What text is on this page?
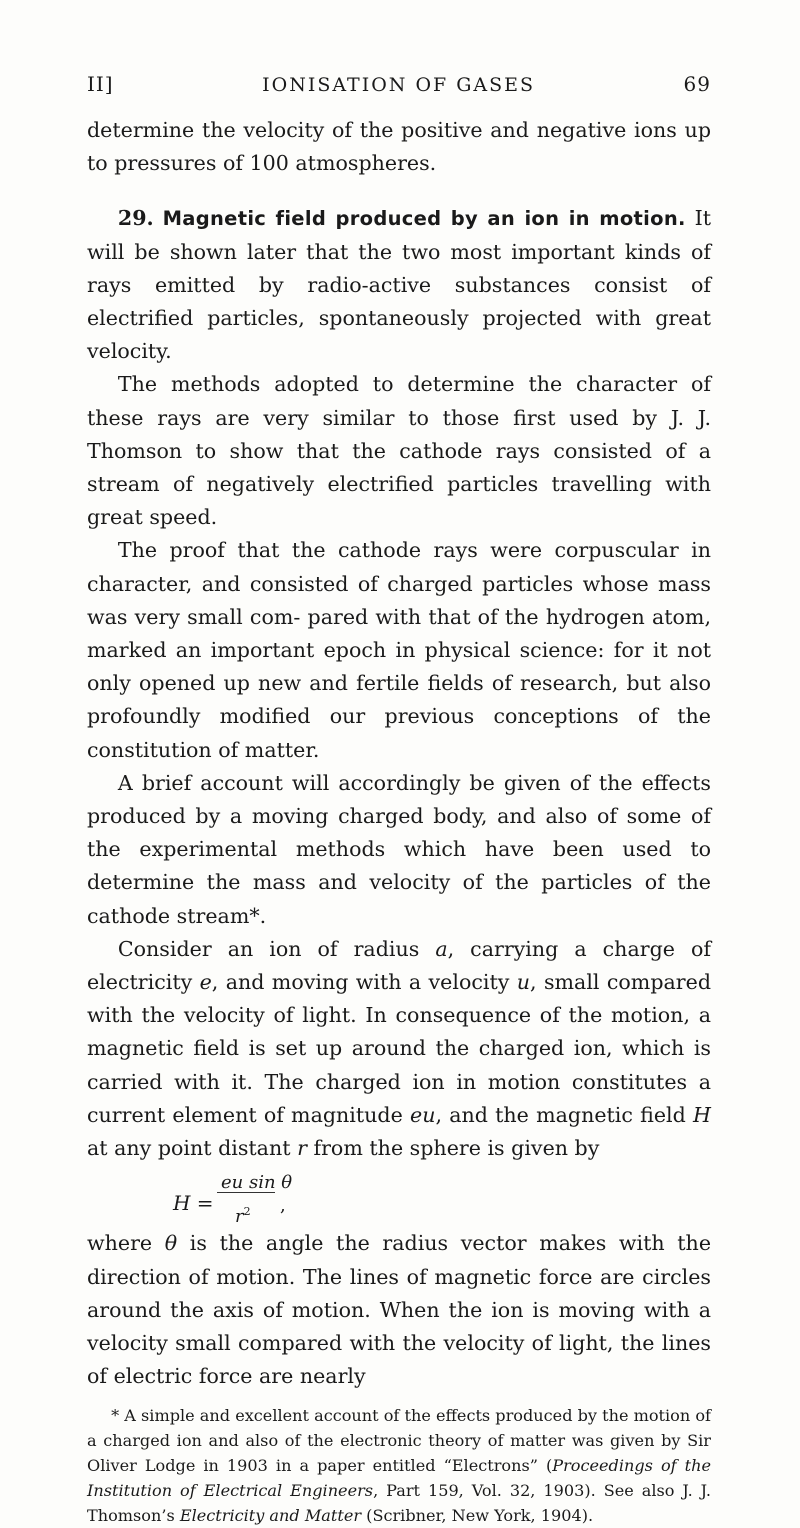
II]	IONISATION OF GASES	69

determine the velocity of the positive and negative ions up to pressures of 100 atmospheres.

29. Magnetic field produced by an ion in motion. It will be shown later that the two most important kinds of rays emitted by radio-active substances consist of electrified particles, spontaneously projected with great velocity.

The methods adopted to determine the character of these rays are very similar to those first used by J. J. Thomson to show that the cathode rays consisted of a stream of negatively electrified particles travelling with great speed.

The proof that the cathode rays were corpuscular in character, and consisted of charged particles whose mass was very small com- pared with that of the hydrogen atom, marked an important epoch in physical science: for it not only opened up new and fertile fields of research, but also profoundly modified our previous conceptions of the constitution of matter.

A brief account will accordingly be given of the effects produced by a moving charged body, and also of some of the experimental methods which have been used to determine the mass and velocity of the particles of the cathode stream*.

Consider an ion of radius a, carrying a charge of electricity e, and moving with a velocity u, small compared with the velocity of light. In consequence of the motion, a magnetic field is set up around the charged ion, which is carried with it. The charged ion in motion constitutes a current element of magnitude eu, and the magnetic field H at any point distant r from the sphere is given by

H =
eu sin θ
$r^2$ ,

where θ is the angle the radius vector makes with the direction of motion. The lines of magnetic force are circles around the axis of motion. When the ion is moving with a velocity small compared with the velocity of light, the lines of electric force are nearly

* A simple and excellent account of the effects produced by the motion of a charged ion and also of the electronic theory of matter was given by Sir Oliver Lodge in 1903 in a paper entitled “Electrons” (Proceedings of the Institution of Electrical Engineers, Part 159, Vol. 32, 1903). See also J. J. Thomson’s Electricity and Matter (Scribner, New York, 1904).
